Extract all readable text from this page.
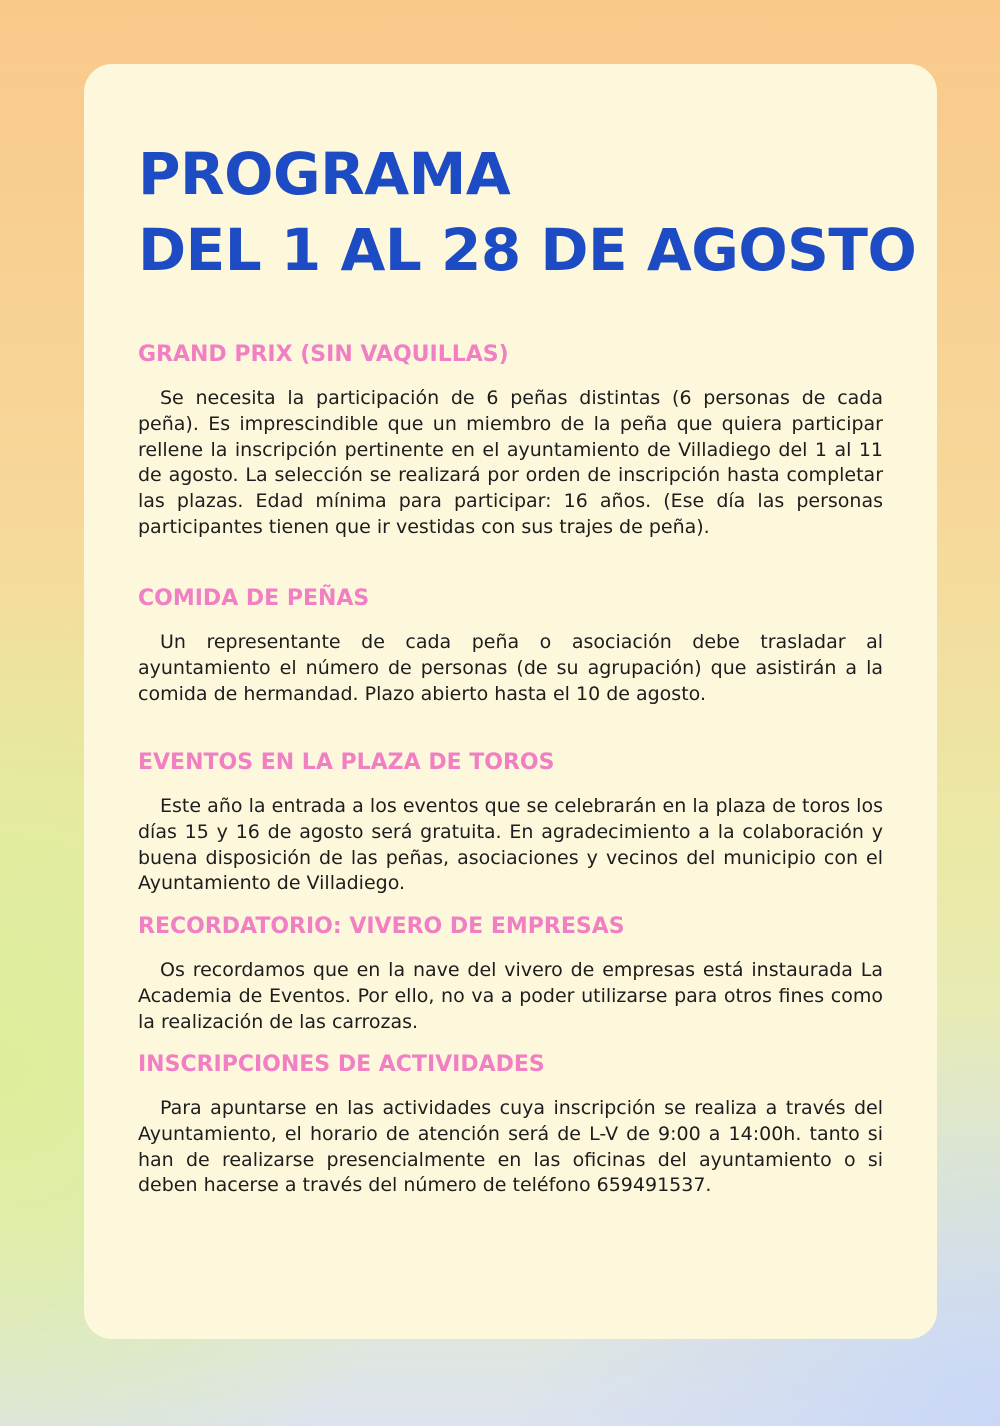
PROGRAMA
DEL 1 AL 28 DE AGOSTO
GRAND PRIX (SIN VAQUILLAS)

Se necesita la participación de 6 peñas distintas (6 personas de cada peña). Es imprescindible que un miembro de la peña que quiera participar rellene la inscripción pertinente en el ayuntamiento de Villadiego del 1 al 11 de agosto. La selección se realizará por orden de inscripción hasta completar las plazas. Edad mínima para participar: 16 años. (Ese día las personas participantes tienen que ir vestidas con sus trajes de peña).

COMIDA DE PEÑAS

Un representante de cada peña o asociación debe trasladar al ayuntamiento el número de personas (de su agrupación) que asistirán a la comida de hermandad. Plazo abierto hasta el 10 de agosto.

EVENTOS EN LA PLAZA DE TOROS

Este año la entrada a los eventos que se celebrarán en la plaza de toros los días 15 y 16 de agosto será gratuita. En agradecimiento a la colaboración y buena disposición de las peñas, asociaciones y vecinos del municipio con el Ayuntamiento de Villadiego.

RECORDATORIO: VIVERO DE EMPRESAS

Os recordamos que en la nave del vivero de empresas está instaurada La Academia de Eventos. Por ello, no va a poder utilizarse para otros fines como la realización de las carrozas.

INSCRIPCIONES DE ACTIVIDADES

Para apuntarse en las actividades cuya inscripción se realiza a través del Ayuntamiento, el horario de atención será de L-V de 9:00 a 14:00h. tanto si han de realizarse presencialmente en las oficinas del ayuntamiento o si deben hacerse a través del número de teléfono 659491537.
